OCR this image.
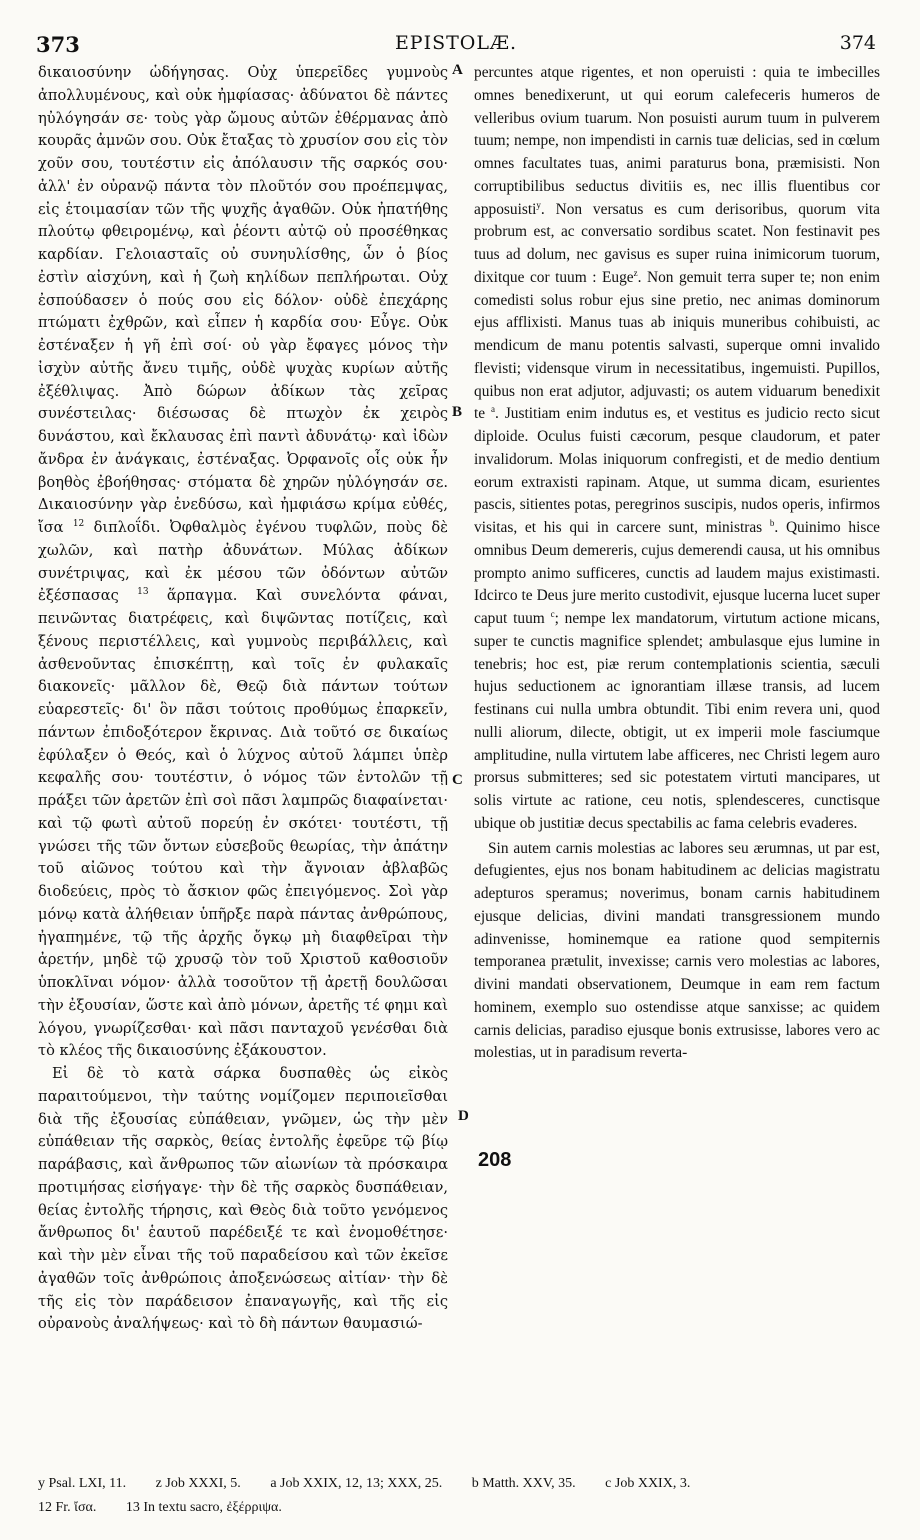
373	EPISTOLÆ.	374

δικαιοσύνην ὡδήγησας. Οὐχ ὑπερεῖδες γυμνοὺς ἀπολλυμένους, καὶ οὐκ ἠμφίασας· ἀδύνατοι δὲ πάντες ηὐλόγησάν σε· τοὺς γὰρ ὤμους αὐτῶν ἐθέρμανας ἀπὸ κουρᾶς ἀμνῶν σου. Οὐκ ἔταξας τὸ χρυσίον σου εἰς τὸν χοῦν σου, τουτέστιν εἰς ἀπόλαυσιν τῆς σαρκός σου· ἀλλ' ἐν οὐρανῷ πάντα τὸν πλοῦτόν σου προέπεμψας, εἰς ἑτοιμασίαν τῶν τῆς ψυχῆς ἀγαθῶν. Οὐκ ἠπατήθης πλούτῳ φθειρομένῳ, καὶ ῥέοντι αὐτῷ οὐ προσέθηκας καρδίαν. Γελοιασταῖς οὐ συνηυλίσθης, ὧν ὁ βίος ἐστὶν αἰσχύνη, καὶ ἡ ζωὴ κηλίδων πεπλήρωται. Οὐχ ἐσπούδασεν ὁ πούς σου εἰς δόλον· οὐδὲ ἐπεχάρης πτώματι ἐχθρῶν, καὶ εἶπεν ἡ καρδία σου· Εὖγε. Οὐκ ἐστέναξεν ἡ γῆ ἐπὶ σοί· οὐ γὰρ ἔφαγες μόνος τὴν ἰσχὺν αὐτῆς ἄνευ τιμῆς, οὐδὲ ψυχὰς κυρίων αὐτῆς ἐξέθλιψας. Ἀπὸ δώρων ἀδίκων τὰς χεῖρας συνέστειλας· διέσωσας δὲ πτωχὸν ἐκ χειρὸς δυνάστου, καὶ ἔκλαυσας ἐπὶ παντὶ ἀδυνάτῳ· καὶ ἰδὼν ἄνδρα ἐν ἀνάγκαις, ἐστέναξας. Ὀρφανοῖς οἷς οὐκ ἦν βοηθὸς ἐβοήθησας· στόματα δὲ χηρῶν ηὐλόγησάν σε. Δικαιοσύνην γὰρ ἐνεδύσω, καὶ ἠμφιάσω κρίμα εὐθές, ἴσα $^{12}$ διπλοΐδι. Ὀφθαλμὸς ἐγένου τυφλῶν, ποὺς δὲ χωλῶν, καὶ πατὴρ ἀδυνάτων. Μύλας ἀδίκων συνέτριψας, καὶ ἐκ μέσου τῶν ὀδόντων αὐτῶν ἐξέσπασας $^{13}$ ἅρπαγμα. Καὶ συνελόντα φάναι, πεινῶντας διατρέφεις, καὶ διψῶντας ποτίζεις, καὶ ξένους περιστέλλεις, καὶ γυμνοὺς περιβάλλεις, καὶ ἀσθενοῦντας ἐπισκέπτῃ, καὶ τοῖς ἐν φυλακαῖς διακονεῖς· μᾶλλον δὲ, Θεῷ διὰ πάντων τούτων εὐαρεστεῖς· δι' ὃν πᾶσι τούτοις προθύμως ἐπαρκεῖν, πάντων ἐπιδοξότερον ἔκρινας. Διὰ τοῦτό σε δικαίως ἐφύλαξεν ὁ Θεός, καὶ ὁ λύχνος αὐτοῦ λάμπει ὑπὲρ κεφαλῆς σου· τουτέστιν, ὁ νόμος τῶν ἐντολῶν τῇ πράξει τῶν ἀρετῶν ἐπὶ σοὶ πᾶσι λαμπρῶς διαφαίνεται· καὶ τῷ φωτὶ αὐτοῦ πορεύῃ ἐν σκότει· τουτέστι, τῇ γνώσει τῆς τῶν ὄντων εὐσεβοῦς θεωρίας, τὴν ἀπάτην τοῦ αἰῶνος τούτου καὶ τὴν ἄγνοιαν ἀβλαβῶς διοδεύεις, πρὸς τὸ ἄσκιον φῶς ἐπειγόμενος. Σοὶ γὰρ μόνῳ κατὰ ἀλήθειαν ὑπῆρξε παρὰ πάντας ἀνθρώπους, ἠγαπημένε, τῷ τῆς ἀρχῆς ὄγκῳ μὴ διαφθεῖραι τὴν ἀρετήν, μηδὲ τῷ χρυσῷ τὸν τοῦ Χριστοῦ καθοσιοῦν ὑποκλῖναι νόμον· ἀλλὰ τοσοῦτον τῇ ἀρετῇ δουλῶσαι τὴν ἐξουσίαν, ὥστε καὶ ἀπὸ μόνων, ἀρετῆς τέ φημι καὶ λόγου, γνωρίζεσθαι· καὶ πᾶσι πανταχοῦ γενέσθαι διὰ τὸ κλέος τῆς δικαιοσύνης ἐξάκουστον.

Εἰ δὲ τὸ κατὰ σάρκα δυσπαθὲς ὡς εἰκὸς παραιτούμενοι, τὴν ταύτης νομίζομεν περιποιεῖσθαι διὰ τῆς ἐξουσίας εὐπάθειαν, γνῶμεν, ὡς τὴν μὲν εὐπάθειαν τῆς σαρκὸς, θείας ἐντολῆς ἐφεῦρε τῷ βίῳ παράβασις, καὶ ἄνθρωπος τῶν αἰωνίων τὰ πρόσκαιρα προτιμήσας εἰσήγαγε· τὴν δὲ τῆς σαρκὸς δυσπάθειαν, θείας ἐντολῆς τήρησις, καὶ Θεὸς διὰ τοῦτο γενόμενος ἄνθρωπος δι' ἑαυτοῦ παρέδειξέ τε καὶ ἐνομοθέτησε· καὶ τὴν μὲν εἶναι τῆς τοῦ παραδείσου καὶ τῶν ἐκεῖσε ἀγαθῶν τοῖς ἀνθρώποις ἀποξενώσεως αἰτίαν· τὴν δὲ τῆς εἰς τὸν παράδεισον ἐπαναγωγῆς, καὶ τῆς εἰς οὐρανοὺς ἀναλήψεως· καὶ τὸ δὴ πάντων θαυμασιώ-

A
B
C
D

percuntes atque rigentes, et non operuisti : quia te imbecilles omnes benedixerunt, ut qui eorum calefeceris humeros de velleribus ovium tuarum. Non posuisti aurum tuum in pulverem tuum; nempe, non impendisti in carnis tuæ delicias, sed in cœlum omnes facultates tuas, animi paraturus bona, præmisisti. Non corruptibilibus seductus divitiis es, nec illis fluentibus cor apposuisti$^y$. Non versatus es cum derisoribus, quorum vita probrum est, ac conversatio sordibus scatet. Non festinavit pes tuus ad dolum, nec gavisus es super ruina inimicorum tuorum, dixitque cor tuum : Euge$^z$. Non gemuit terra super te; non enim comedisti solus robur ejus sine pretio, nec animas dominorum ejus afflixisti. Manus tuas ab iniquis muneribus cohibuisti, ac mendicum de manu potentis salvasti, superque omni invalido flevisti; vidensque virum in necessitatibus, ingemuisti. Pupillos, quibus non erat adjutor, adjuvasti; os autem viduarum benedixit te $^a$. Justitiam enim indutus es, et vestitus es judicio recto sicut diploide. Oculus fuisti cæcorum, pesque claudorum, et pater invalidorum. Molas iniquorum confregisti, et de medio dentium eorum extraxisti rapinam. Atque, ut summa dicam, esurientes pascis, sitientes potas, peregrinos suscipis, nudos operis, infirmos visitas, et his qui in carcere sunt, ministras $^b$. Quinimo hisce omnibus Deum demereris, cujus demerendi causa, ut his omnibus prompto animo sufficeres, cunctis ad laudem majus existimasti. Idcirco te Deus jure merito custodivit, ejusque lucerna lucet super caput tuum $^c$; nempe lex mandatorum, virtutum actione micans, super te cunctis magnifice splendet; ambulasque ejus lumine in tenebris; hoc est, piæ rerum contemplationis scientia, sæculi hujus seductionem ac ignorantiam illæse transis, ad lucem festinans cui nulla umbra obtundit. Tibi enim revera uni, quod nulli aliorum, dilecte, obtigit, ut ex imperii mole fasciumque amplitudine, nulla virtutem labe afficeres, nec Christi legem auro prorsus submitteres; sed sic potestatem virtuti mancipares, ut solis virtute ac ratione, ceu notis, splendesceres, cunctisque ubique ob justitiæ decus spectabilis ac fama celebris evaderes.

Sin autem carnis molestias ac labores seu ærumnas, ut par est, defugientes, ejus nos bonam habitudinem ac delicias magistratu adepturos speramus; noverimus, bonam carnis habitudinem ejusque delicias, divini mandati transgressionem mundo adinvenisse, hominemque ea ratione quod sempiternis temporanea prætulit, invexisse; carnis vero molestias ac labores, divini mandati observationem, Deumque in eam rem factum hominem, exemplo suo ostendisse atque sanxisse; ac quidem carnis delicias, paradiso ejusque bonis extrusisse, labores vero ac molestias, ut in paradisum reverta-

208
y Psal. LXI, 11. z Job XXXI, 5. a Job XXIX, 12, 13; XXX, 25. b Matth. XXV, 35. c Job XXIX, 3.
12 Fr. ἴσα. 13 In textu sacro, ἐξέρριψα.
